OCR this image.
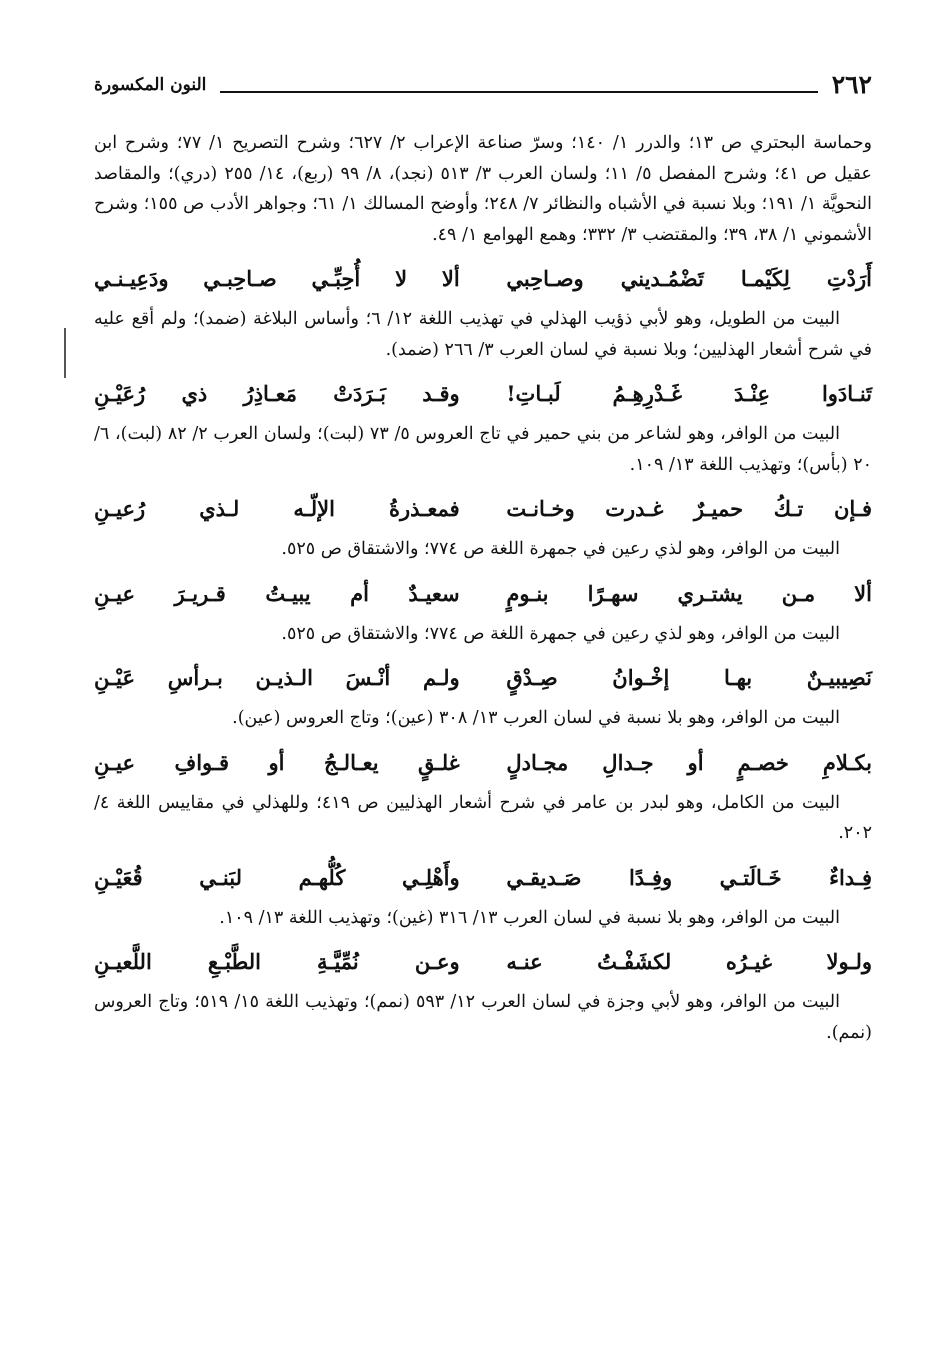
٢٦٢
النون المكسورة

وحماسة البحتري ص ١٣؛ والدرر ١/ ١٤٠؛ وسرّ صناعة الإعراب ٢/ ٦٢٧؛ وشرح التصريح ١/ ٧٧؛ وشرح ابن عقيل ص ٤١؛ وشرح المفصل ٥/ ١١؛ ولسان العرب ٣/ ٥١٣ (نجد)، ٨/ ٩٩ (ربع)، ١٤/ ٢٥٥ (دري)؛ والمقاصد النحويَّة ١/ ١٩١؛ وبلا نسبة في الأشباه والنظائر ٧/ ٢٤٨؛ وأوضح المسالك ١/ ٦١؛ وجواهر الأدب ص ١٥٥؛ وشرح الأشموني ١/ ٣٨، ٣٩؛ والمقتضب ٣/ ٣٣٢؛ وهمع الهوامع ١/ ٤٩.

أَرَدْتِ لِكَيْمـا تَضْمُـديني وصـاحِبي
ألا لا أُحِبِّـي صـاحِبـي ودَعِيـنـي

البيت من الطويل، وهو لأبي ذؤيب الهذلي في تهذيب اللغة ١٢/ ٦؛ وأساس البلاغة (ضمد)؛ ولم أقع عليه في شرح أشعار الهذليين؛ وبلا نسبة في لسان العرب ٣/ ٢٦٦ (ضمد).

تَنـادَوا عِنْـدَ غَـدْرِهِـمُ لَبـاتِ!
وقـد بَـرَدَتْ مَعـاذِرُ ذي رُعَيْـنِ

البيت من الوافر، وهو لشاعر من بني حمير في تاج العروس ٥/ ٧٣ (لبت)؛ ولسان العرب ٢/ ٨٢ (لبت)، ٦/ ٢٠ (بأس)؛ وتهذيب اللغة ١٣/ ١٠٩.

فـإن تـكُ حميـرٌ غـدرت وخـانـت
فمعـذرةُ الإلّـه لـذي رُعيـنِ

البيت من الوافر، وهو لذي رعين في جمهرة اللغة ص ٧٧٤؛ والاشتقاق ص ٥٢٥.

ألا مـن يشتـري سهـرًا بنـومٍ
سعيـدٌ أم يبيـتُ قـريـرَ عيـنِ

البيت من الوافر، وهو لذي رعين في جمهرة اللغة ص ٧٧٤؛ والاشتقاق ص ٥٢٥.

نَصِيبيـنٌ بهـا إخْـوانُ صِـدْقٍ
ولـم أنْـسَ الـذيـن بـرأسِ عَيْـنِ

البيت من الوافر، وهو بلا نسبة في لسان العرب ١٣/ ٣٠٨ (عين)؛ وتاج العروس (عين).

بكـلامِ خصـمٍ أو جـدالِ مجـادلٍ
غلـقٍ يعـالـجُ أو قـوافِ عيـنِ

البيت من الكامل، وهو لبدر بن عامر في شرح أشعار الهذليين ص ٤١٩؛ وللهذلي في مقاييس اللغة ٤/ ٢٠٢.

فِـداءٌ خَـالَتـي وفِـدًا صَـديقـي
وأَهْلِـي كُلُّهـم لبَنـي قُعَيْـنِ

البيت من الوافر، وهو بلا نسبة في لسان العرب ١٣/ ٣١٦ (غين)؛ وتهذيب اللغة ١٣/ ١٠٩.

ولـولا غيـرُه لكشَفْـتُ عنـه
وعـن نُمِّيَّـةِ الطَّبْـعِ اللَّعيـنِ

البيت من الوافر، وهو لأبي وجزة في لسان العرب ١٢/ ٥٩٣ (نمم)؛ وتهذيب اللغة ١٥/ ٥١٩؛ وتاج العروس (نمم).
